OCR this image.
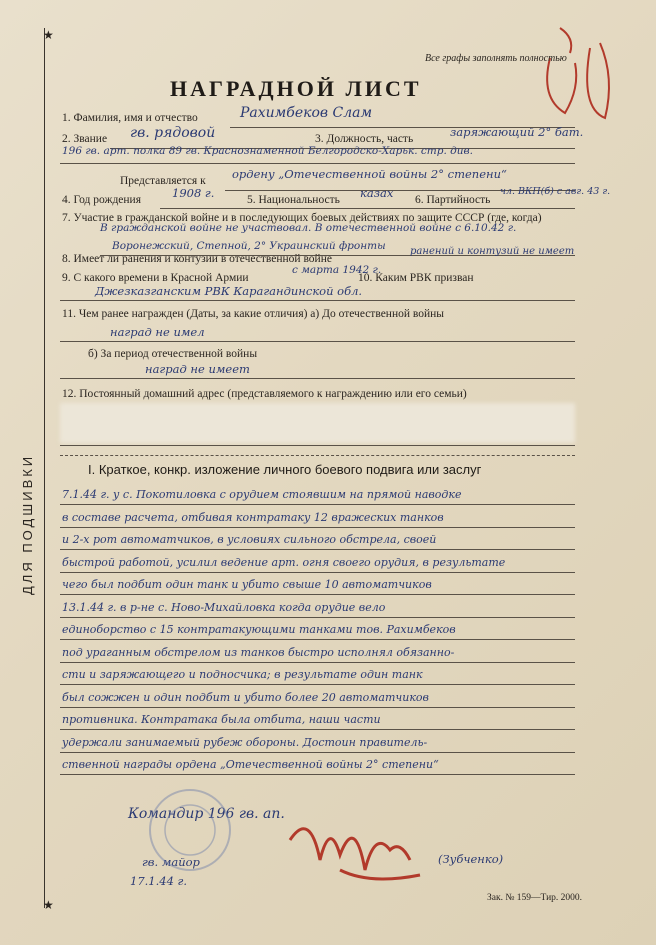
ДЛЯ ПОДШИВКИ
Все графы заполнять полностью
НАГРАДНОЙ ЛИСТ
1. Фамилия, имя и отчество	Рахимбеков Слам
2. Звание гв. рядовой	3. Должность, часть	заряжающий 2° бат.
196 гв. арт. полка 89 гв. Краснознаменной Белгородско-Харьк. стр. див.
Представляется к ордену „Отечественной войны 2° степени“
4. Год рождения	1908 г.	5. Национальность казах 6. Партийность
чл. ВКП(б) с авг. 43 г.
7. Участие в гражданской войне и в последующих боевых действиях по защите СССР (где, когда)
В гражданской войне не участвовал. В отечественной войне с 6.10.42 г.
Воронежский, Степной, 2° Украинский фронты
8. Имеет ли ранения и контузии в отечественной войне
ранений и контузий не имеет
9. С какого времени в Красной Армии
с марта 1942 г.
10. Каким РВК призван
Джезказганским РВК Карагандинской обл.
11. Чем ранее награжден (Даты, за какие отличия) а) До отечественной войны
наград не имел
б) За период отечественной войны
наград не имеет
12. Постоянный домашний адрес (представляемого к награждению или его семьи)
I. Краткое, конкр. изложение личного боевого подвига или заслуг
7.1.44 г. у с. Покотиловка с орудием стоявшим на прямой наводке
в составе расчета, отбивая контратаку 12 вражеских танков
и 2-х рот автоматчиков, в условиях сильного обстрела, своей
быстрой работой, усилил ведение арт. огня своего орудия, в результате
чего был подбит один танк и убито свыше 10 автоматчиков
13.1.44 г. в р-не с. Ново-Михайловка когда орудие вело
единоборство с 15 контратакующими танками тов. Рахимбеков
под ураганным обстрелом из танков быстро исполнял обязанно-
сти и заряжающего и подносчика; в результате один танк
был сожжен и один подбит и убито более 20 автоматчиков
противника. Контратака была отбита, наши части
удержали занимаемый рубеж обороны. Достоин правитель-
ственной награды ордена „Отечественной войны 2° степени“
Командир 196 гв. ап.
гв. майор	(Зубченко)
17.1.44 г.
Зак. № 159—Тир. 2000.
★
★
